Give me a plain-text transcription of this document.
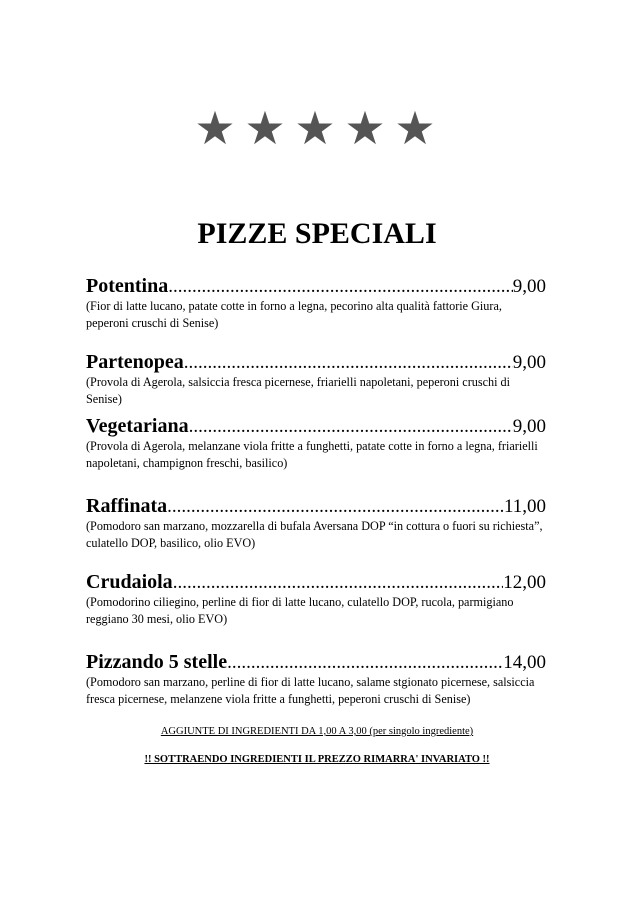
★ ★ ★ ★ ★
PIZZE SPECIALI
Potentina .....	9,00
(Fior di latte lucano, patate cotte in forno a legna, pecorino alta qualità fattorie Giura, peperoni cruschi di Senise)
Partenopea .....	9,00
(Provola di Agerola, salsiccia fresca picernese, friarielli napoletani, peperoni cruschi di Senise)
Vegetariana .....	9,00
(Provola di Agerola, melanzane viola fritte a funghetti, patate cotte in forno a legna, friarielli napoletani, champignon freschi, basilico)
Raffinata .....	11,00
(Pomodoro san marzano, mozzarella di bufala Aversana DOP “in cottura o fuori su richiesta”, culatello DOP, basilico, olio EVO)
Crudaiola .....	12,00
(Pomodorino ciliegino, perline di fior di latte lucano, culatello DOP, rucola, parmigiano reggiano 30 mesi, olio EVO)
Pizzando 5 stelle .....	14,00
(Pomodoro san marzano, perline di fior di latte lucano, salame stgionato picernese, salsiccia fresca picernese, melanzene viola fritte a funghetti, peperoni cruschi di Senise)
AGGIUNTE DI INGREDIENTI DA 1,00 A 3,00 (per singolo ingrediente)
!! SOTTRAENDO INGREDIENTI IL PREZZO RIMARRA' INVARIATO !!
